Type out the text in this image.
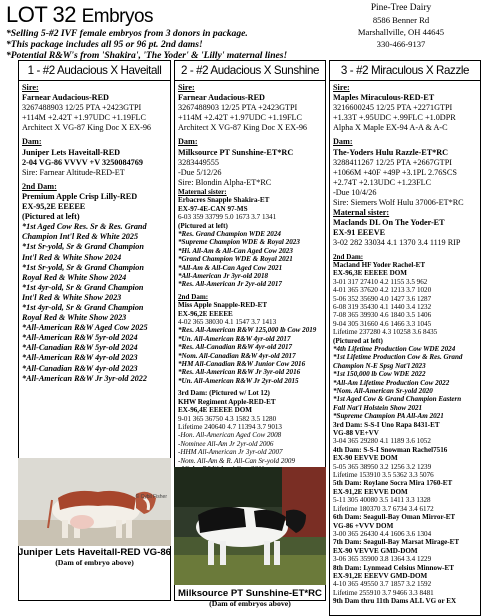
LOT 32 Embryos
*Selling 5-#2 IVF female embryos from 3 donors in package.
*This package includes all 95 or 96 pt. 2nd dams!
*Potential R&W's from 'Shakira', 'The Yoder' & 'Lilly' maternal lines!
Pine-Tree Dairy
8586 Benner Rd
Marshallville, OH 44645
330-466-9137
1 - #2 Audacious X Haveitall
Sire:
Farnear Audacious-RED
3267488903 12/25 PTA +2423GTPI
+114M +2.42T +1.97UDC +1.19FLC
Architect X VG-87 King Doc X EX-96
Dam:
Juniper Lets Haveitall-RED
2-04 VG-86 VVVV +V 3250084769
Sire: Farnear Altitude-RED-ET
2nd Dam:
Premium Apple Crisp Lilly-RED
EX-95,2E EEEEE
(Pictured at left)
*1st Aged Cow Res. Sr & Res. Grand
Champion Int'l Red & White 2025
*1st Sr-yold, Sr & Grand Champion
Int'l Red & White Show 2024
*1st Sr-yold, Sr & Grand Champion
Royal Red & White Show 2024
*1st 4yr-old, Sr & Grand Champion
Int'l Red & White Show 2023
*1st 4yr-old, Sr & Grand Champion
Royal Red & White Show 2023
*All-American R&W Aged Cow 2025
*All-American R&W 5yr-old 2024
*All-Canadian R&W 5yr-old 2024
*All-American R&W 4yr-old 2023
*All-Canadian R&W 4yr-old 2023
*All-American R&W Jr 3yr-old 2022
2 - #2 Audacious X Sunshine
Sire:
Farnear Audacious-RED
3267488903 12/25 PTA +2423GTPI
+114M +2.42T +1.97UDC +1.19FLC
Architect X VG-87 King Doc X EX-96
Dam:
Milksource PT Sunshine-ET*RC
3283449555
-Due 5/12/26
Sire: Blondin Alpha-ET*RC
Maternal sister:
Erbacres Snapple Shakira-ET
EX-97-4E-CAN 97-MS
6-03 359 33799 5.0 1673 3.7 1341
(Pictured at left)
*Res. Grand Champion WDE 2024
*Supreme Champion WDE & Royal 2023
*Hi. All-Am & All-Can Aged Cow 2023
*Grand Champion WDE & Royal 2021
*All-Am & All-Can Aged Cow 2021
*All-American Jr 3yr-old 2018
*Res. All-American Jr 2yr-old 2017
2nd Dam:
Miss Apple Snapple-RED-ET
EX-96,2E EEEEE
4-02 365 38030 4.1 1547 3.7 1413
*Res. All-American R&W 125,000 lb Cow 2019
*Un. All-American R&W 4yr-old 2017
*Res. All-Canadian R&W 4yr-old 2017
*Nom. All-Canadian R&W 4yr-old 2017
*HM All-Canadian R&W Junior Cow 2016
*Res. All-American R&W Jr 3yr-old 2016
*Un. All-American R&W Jr 2yr-old 2015
3rd Dam: (Pictured w/ Lot 12)
KHW Regiment Apple-RED-ET
EX-96,4E EEEEE DOM
9-01 365 36750 4.3 1582 3.5 1280
Lifetime 240640 4.7 11394 3.7 9013
-Hon. All-American Aged Cow 2008
-Nominee All-Am Jr 2yr-old 2006
-HHM All-American Jr 3yr-old 2007
-Nom. All-Am & R. All-Can Sr-yold 2009
3 - #2 Miraculous X Razzle
Sire:
Maples Miraculous-RED-ET
3216600245 12/25 PTA +2271GTPI
+1.33T +.95UDC +.99FLC +1.0DPR
Alpha X Maple EX-94 A-A & A-C
Dam:
The-Yoders Hulu Razzle-ET*RC
3288411267 12/25 PTA +2667GTPI
+1066M +40F +49P +3.1PL 2.76SCS
+2.74T +2.13UDC +1.23FLC
-Due 10/4/26
Sire: Siemers Wolf Hulu 37006-ET*RC
Maternal sister:
Maclands DL On The Yoder-ET
EX-91 EEEVE
3-02 282 33034 4.1 1370 3.4 1119 RIP
2nd Dam:
Macland HF Yoder Rachel-ET
EX-96,3E EEEEE DOM
3-01 317 27410 4.2 1155 3.5 962
4-01 365 37620 4.2 1213 3.7 1020
5-06 352 35690 4.0 1427 3.6 1287
6-08 319 35430 4.1 1440 3.4 1232
7-08 365 39930 4.6 1840 3.5 1406
9-04 305 31660 4.6 1466 3.3 1045
Lifetime 237280 4.3 10258 3.6 8435
(Pictured at left)
*4th Lifetime Production Cow WDE 2024
*1st Lifetime Production Cow & Res. Grand
Champion N-E Spsg Nat'l 2023
*1st 150,000 lb Cow WDE 2022
*All-Am Lifetime Production Cow 2022
*Nom. All-American Sr-yold 2020
*1st Aged Cow & Grand Champion Eastern
Fall Nat'l Holstein Show 2021
*Supreme Champion PA All-Am 2021
3rd Dam: S-S-I Uno Rapa 8431-ET
VG-88 VE+VV
3-04 365 29280 4.1 1189 3.6 1052
4th Dam: S-S-I Snowman Rachel7516
EX-90 EEVVE DOM
5-05 365 38950 3.2 1256 3.2 1239
Lifetime 153910 3.5 5362 3.3 5076
5th Dam: Roylane Socra Mira 1760-ET
EX-91,2E EEVVE DOM
5-11 305 40080 3.5 1411 3.3 1328
Lifetime 180370 3.7 6734 3.4 6172
6th Dam: Seagull-Bay Oman Mirror-ET
VG-86 +VVV DOM
3-00 365 26430 4.4 1606 3.6 1304
7th Dam: Seagull-Bay Marsat Mirage-ET
EX-90 VEVVE GMD-DOM
3-06 365 35900 3.8 1364 3.4 1229
8th Dam: Lynmead Celsius Minnow-ET
EX-91,2E EEEVV GMD-DOM
4-10 365 49550 3.7 1857 3.2 1592
Lifetime 255910 3.7 9466 3.3 8481
9th Dam thru 11th Dams ALL VG or EX
© Cybil Fisher
Juniper Lets Haveitall-RED VG-86
(Dam of embryo above)
Milksource PT Sunshine-ET*RC
(Dam of embryos above)
